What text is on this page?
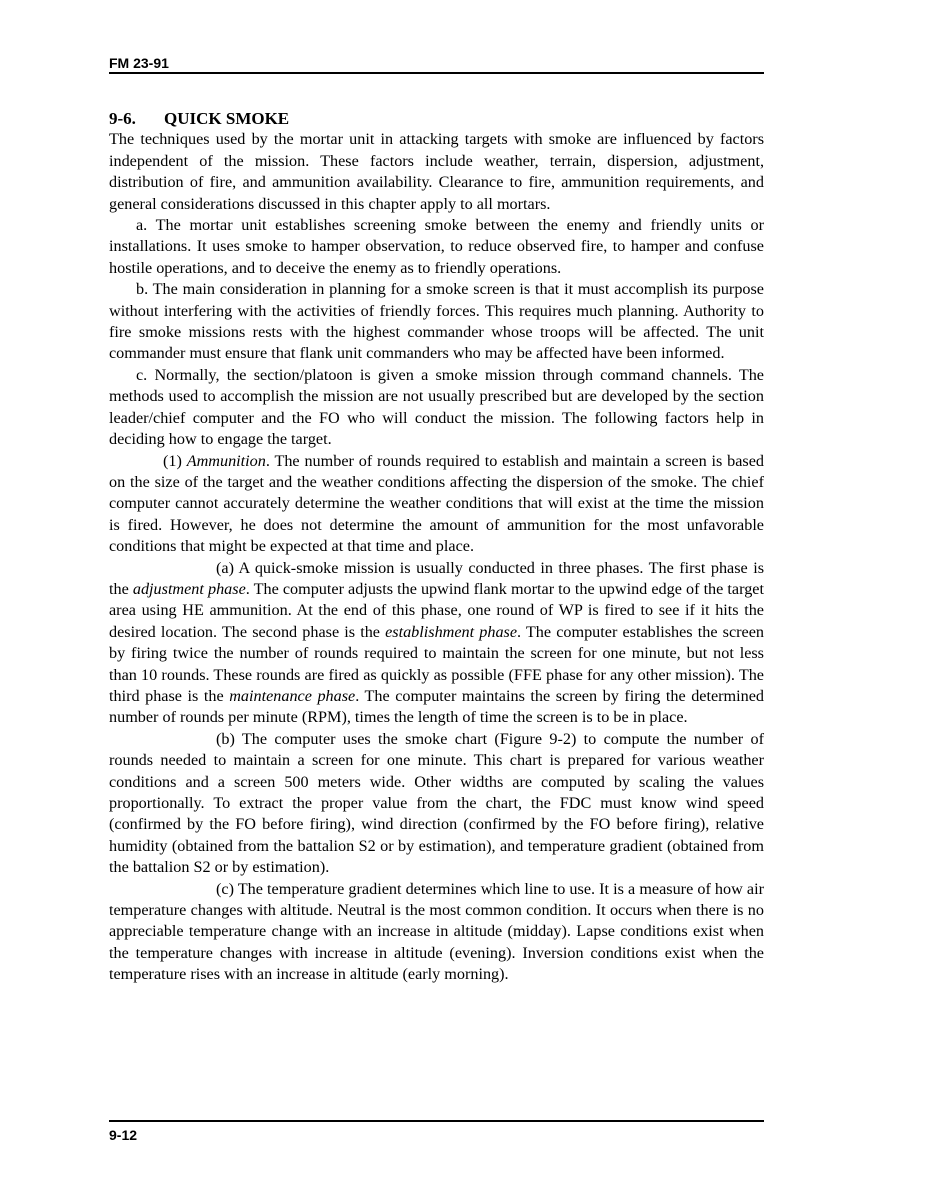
FM 23-91

9-6. QUICK SMOKE

The techniques used by the mortar unit in attacking targets with smoke are influenced by factors independent of the mission. These factors include weather, terrain, dispersion, adjustment, distribution of fire, and ammunition availability. Clearance to fire, ammunition requirements, and general considerations discussed in this chapter apply to all mortars.

a. The mortar unit establishes screening smoke between the enemy and friendly units or installations. It uses smoke to hamper observation, to reduce observed fire, to hamper and confuse hostile operations, and to deceive the enemy as to friendly operations.

b. The main consideration in planning for a smoke screen is that it must accomplish its purpose without interfering with the activities of friendly forces. This requires much planning. Authority to fire smoke missions rests with the highest commander whose troops will be affected. The unit commander must ensure that flank unit commanders who may be affected have been informed.

c. Normally, the section/platoon is given a smoke mission through command channels. The methods used to accomplish the mission are not usually prescribed but are developed by the section leader/chief computer and the FO who will conduct the mission. The following factors help in deciding how to engage the target.

(1) Ammunition. The number of rounds required to establish and maintain a screen is based on the size of the target and the weather conditions affecting the dispersion of the smoke. The chief computer cannot accurately determine the weather conditions that will exist at the time the mission is fired. However, he does not determine the amount of ammunition for the most unfavorable conditions that might be expected at that time and place.

(a) A quick-smoke mission is usually conducted in three phases. The first phase is the adjustment phase. The computer adjusts the upwind flank mortar to the upwind edge of the target area using HE ammunition. At the end of this phase, one round of WP is fired to see if it hits the desired location. The second phase is the establishment phase. The computer establishes the screen by firing twice the number of rounds required to maintain the screen for one minute, but not less than 10 rounds. These rounds are fired as quickly as possible (FFE phase for any other mission). The third phase is the maintenance phase. The computer maintains the screen by firing the determined number of rounds per minute (RPM), times the length of time the screen is to be in place.

(b) The computer uses the smoke chart (Figure 9-2) to compute the number of rounds needed to maintain a screen for one minute. This chart is prepared for various weather conditions and a screen 500 meters wide. Other widths are computed by scaling the values proportionally. To extract the proper value from the chart, the FDC must know wind speed (confirmed by the FO before firing), wind direction (confirmed by the FO before firing), relative humidity (obtained from the battalion S2 or by estimation), and temperature gradient (obtained from the battalion S2 or by estimation).

(c) The temperature gradient determines which line to use. It is a measure of how air temperature changes with altitude. Neutral is the most common condition. It occurs when there is no appreciable temperature change with an increase in altitude (midday). Lapse conditions exist when the temperature changes with increase in altitude (evening). Inversion conditions exist when the temperature rises with an increase in altitude (early morning).

9-12
